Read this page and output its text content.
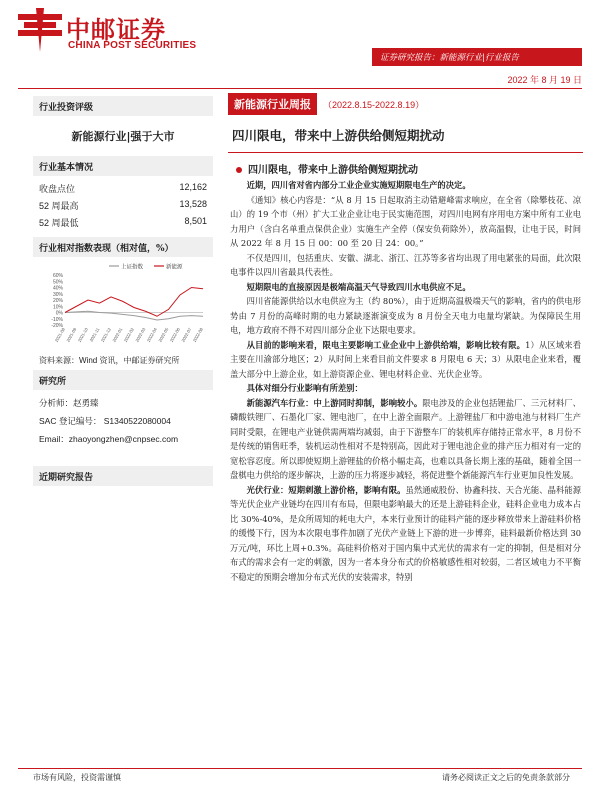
中邮证券
CHINA POST SECURITIES
证券研究报告：新能源行业|行业报告
2022 年 8 月 19 日
行业投资评级
新能源行业|强于大市
行业基本情况
收盘点位	12,162
52 周最高	13,528
52 周最低	8,501
行业相对指数表现（相对值，%）
上证指数	新能源
60%
50%
40%
30%
20%
10%
0%
-10%
-20%
2021-08 2021-09 2021-10 2021-11 2021-12 2022-01 2022-02 2022-03 2022-04 2022-05 2022-06 2022-07 2022-08
资料来源：Wind 资讯，中邮证券研究所
研究所
分析师：赵勇臻
SAC 登记编号： S1340522080004
Email：zhaoyongzhen@cnpsec.com
近期研究报告
新能源行业周报	（2022.8.15-2022.8.19）
四川限电，带来中上游供给侧短期扰动
四川限电，带来中上游供给侧短期扰动

近期，四川省对省内部分工业企业实施短期限电生产的决定。

《通知》核心内容是：“从 8 月 15 日起取消主动错避峰需求响应，在全省（除攀枝花、凉山）的 19 个市（州）扩大工业企业让电于民实施范围，对四川电网有序用电方案中所有工业电力用户（含白名单重点保供企业）实施生产全停（保安负荷除外），放高温假，让电于民，时间从 2022 年 8 月 15 日 00：00 至 20 日 24：00。”

不仅是四川，包括重庆、安徽、湖北、浙江、江苏等多省均出现了用电紧张的局面，此次限电事件以四川省最具代表性。

短期限电的直接原因是极端高温天气导致四川水电供应不足。

四川省能源供给以水电供应为主（约 80%），由于近期高温极端天气的影响，省内的供电形势由 7 月份的高峰时期的电力紧缺逐渐演变成为 8 月份全天电力电量均紧缺。为保障民生用电，地方政府不得不对四川部分企业下达限电要求。

从目前的影响来看，限电主要影响工业企业中上游供给端，影响比较有限。1）从区域来看主要在川渝部分地区；2）从时间上来看目前文件要求 8 月限电 6 天；3）从限电企业来看，覆盖大部分中上游企业，如上游资源企业、锂电材料企业、光伏企业等。

具体对细分行业影响有所差别：

新能源汽车行业：中上游同时抑制，影响较小。限电涉及的企业包括锂盐厂、三元材料厂、磷酸铁锂厂、石墨化厂家、锂电池厂，在中上游全面限产。上游锂盐厂和中游电池与材料厂生产同时受限，在锂电产业链供需两端均减弱，由于下游整车厂的装机库存储持正常水平，8 月份不是传统的销售旺季，装机运动性相对不是特别高，因此对于锂电池企业的排产压力相对有一定的宽松容忍度。所以即使短期上游锂盐的价格小幅走高，也难以具备长期上涨的基础，随着全国一盘棋电力供给的逐步解决，上游的压力将逐步减轻，将促进整个新能源汽车行业更加良性发展。

光伏行业：短期刺激上游价格，影响有限。虽然通威股份、协鑫科技、天合光能、晶科能源等光伏企业产业链均在四川有布局，但限电影响最大的还是上游硅料企业，硅料企业电力成本占比 30%-40%，是众所周知的耗电大户，本来行业预计的硅料产能的逐步释放带来上游硅料价格的缓慢下行，因为本次限电事件加剧了光伏产业链上下游的进一步博弈，硅料最新价格达到 30 万元/吨，环比上周+0.3%。高硅料价格对于国内集中式光伏的需求有一定的抑制，但是相对分布式的需求会有一定的刺激，因为一者本身分布式的价格敏感性相对较弱，二者区域电力不平衡不稳定的预期会增加分布式光伏的安装需求，特别

市场有风险，投资需谨慎	请务必阅读正文之后的免责条款部分
